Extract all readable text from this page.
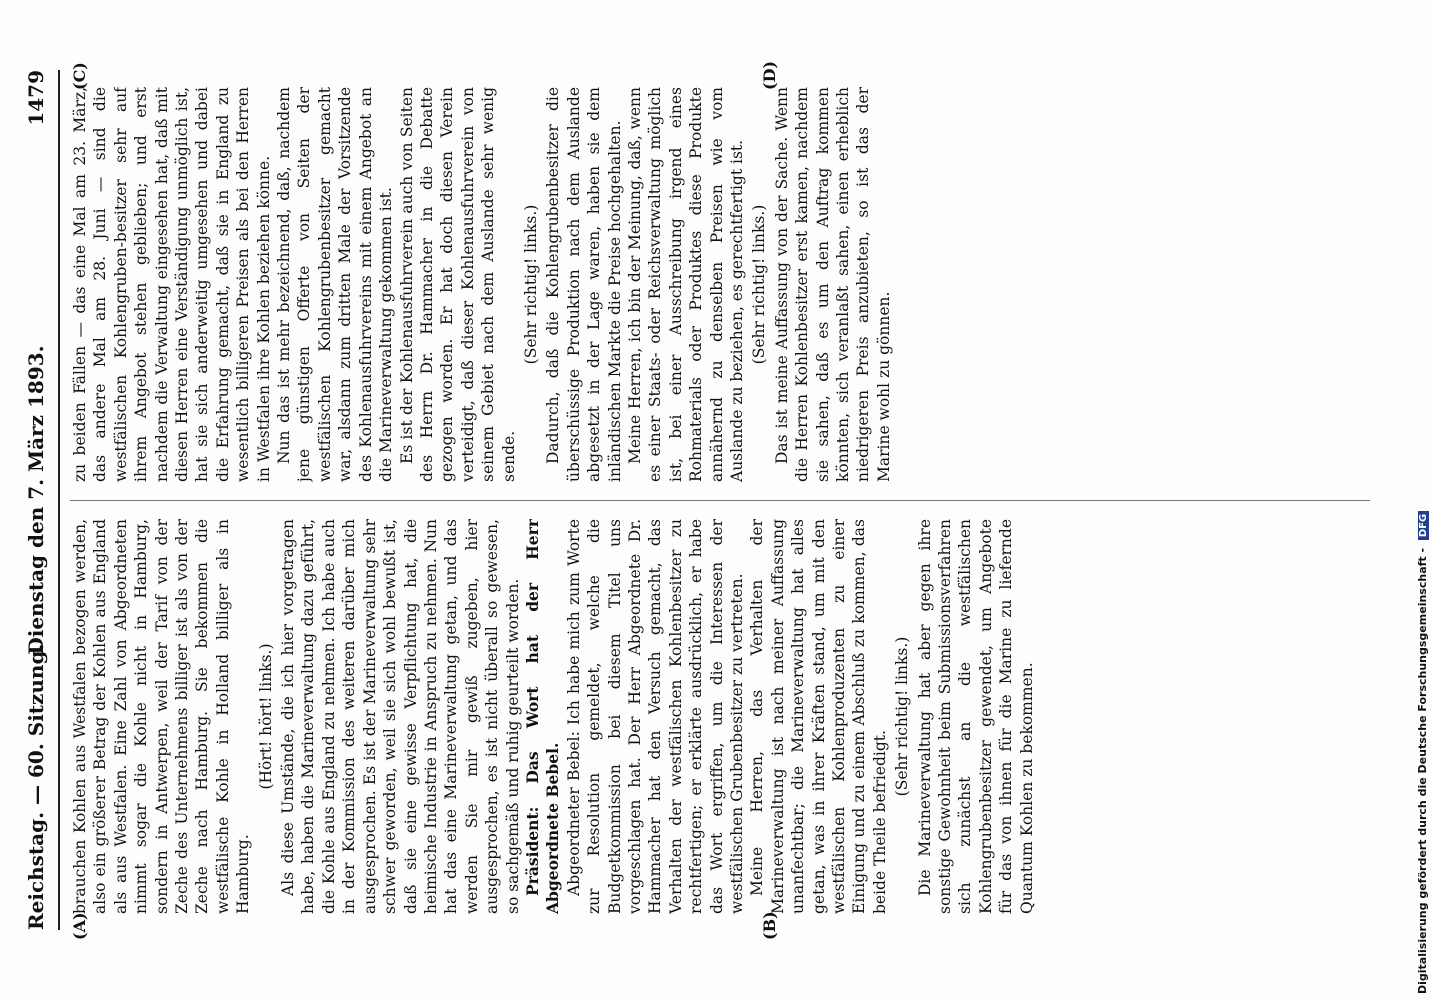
Reichstag. — 60. Sitzung.
Dienstag den 7. März 1893.
1479
(A)	(B)
(C)	(D)

brauchen Kohlen aus Westfalen bezogen werden, also ein größerer Betrag der Kohlen aus England als aus Westfalen. Eine Zahl von Abgeordneten nimmt sogar die Kohle nicht in Hamburg, sondern in Antwerpen, weil der Tarif von der Zeche des Unternehmens billiger ist als von der Zeche nach Hamburg. Sie bekommen die westfälische Kohle in Holland billiger als in Hamburg.

(Hört! hört! links.) Als diese Umstände, die ich hier vorgetragen habe, haben die Marineverwaltung dazu geführt, die Kohle aus England zu nehmen. Ich habe auch in der Kommission des weiteren darüber mich ausgesprochen. Es ist der Marineverwaltung sehr schwer geworden, weil sie sich wohl bewußt ist, daß sie eine gewisse Verpflichtung hat, die heimische Industrie in Anspruch zu nehmen. Nun hat das eine Marineverwaltung getan, und das werden Sie mir gewiß zugeben, hier ausgesprochen, es ist nicht überall so gewesen, so sachgemäß und ruhig geurteilt worden. Präsident: Das Wort hat der Herr Abgeordnete Bebel. Abgeordneter Bebel: Ich habe mich zum Worte zur Resolution gemeldet, welche die Budgetkommission bei diesem Titel uns vorgeschlagen hat. Der Herr Abgeordnete Dr. Hammacher hat den Versuch gemacht, das Verhalten der westfälischen Kohlenbesitzer zu rechtfertigen; er erklärte ausdrücklich, er habe das Wort ergriffen, um die Interessen der westfälischen Grubenbesitzer zu vertreten. Meine Herren, das Verhalten der Marineverwaltung ist nach meiner Auffassung unanfechtbar; die Marineverwaltung hat alles getan, was in ihrer Kräften stand, um mit den westfälischen Kohlenproduzenten zu einer Einigung und zu einem Abschluß zu kommen, das beide Theile befriedigt.

(Sehr richtig! links.) Die Marineverwaltung hat aber gegen ihre sonstige Gewohnheit beim Submissionsverfahren sich zunächst an die westfälischen Kohlengrubenbesitzer gewendet, um Angebote für das von ihnen für die Marine zu liefernde Quantum Kohlen zu bekommen.

zu beiden Fällen — das eine Mal am 23. März, das andere Mal am 28. Juni — sind die westfälischen Kohlengruben-besitzer sehr auf ihrem Angebot stehen geblieben; und erst nachdem die Verwaltung eingesehen hat, daß mit diesen Herren eine Verständigung unmöglich ist, hat sie sich anderweitig umgesehen und dabei die Erfahrung gemacht, daß sie in England zu wesentlich billigeren Preisen als bei den Herren in Westfalen ihre Kohlen beziehen könne. Nun das ist mehr bezeichnend, daß, nachdem jene günstigen Offerte von Seiten der westfälischen Kohlengrubenbesitzer gemacht war, alsdann zum dritten Male der Vorsitzende des Kohlenausfuhrvereins mit einem Angebot an die Marineverwaltung gekommen ist. Es ist der Kohlenausfuhrverein auch von Seiten des Herrn Dr. Hammacher in die Debatte gezogen worden. Er hat doch diesen Verein verteidigt, daß dieser Kohlenausfuhrverein von seinem Gebiet nach dem Auslande sehr wenig sende.

(Sehr richtig! links.) Dadurch, daß die Kohlengrubenbesitzer die überschüssige Produktion nach dem Auslande abgesetzt in der Lage waren, haben sie dem inländischen Markte die Preise hochgehalten. Meine Herren, ich bin der Meinung, daß, wenn es einer Staats- oder Reichsverwaltung möglich ist, bei einer Ausschreibung irgend eines Rohmaterials oder Produktes diese Produkte annähernd zu denselben Preisen wie vom Auslande zu beziehen, es gerechtfertigt ist. (Sehr richtig! links.) Das ist meine Auffassung von der Sache. Wenn die Herren Kohlenbesitzer erst kamen, nachdem sie sahen, daß es um den Auftrag kommen könnten, sich veranlaßt sahen, einen erheblich niedrigeren Preis anzubieten, so ist das der Marine wohl zu gönnen.

Digitalisierung gefördert durch die Deutsche Forschungsgemeinschaft - DFG
